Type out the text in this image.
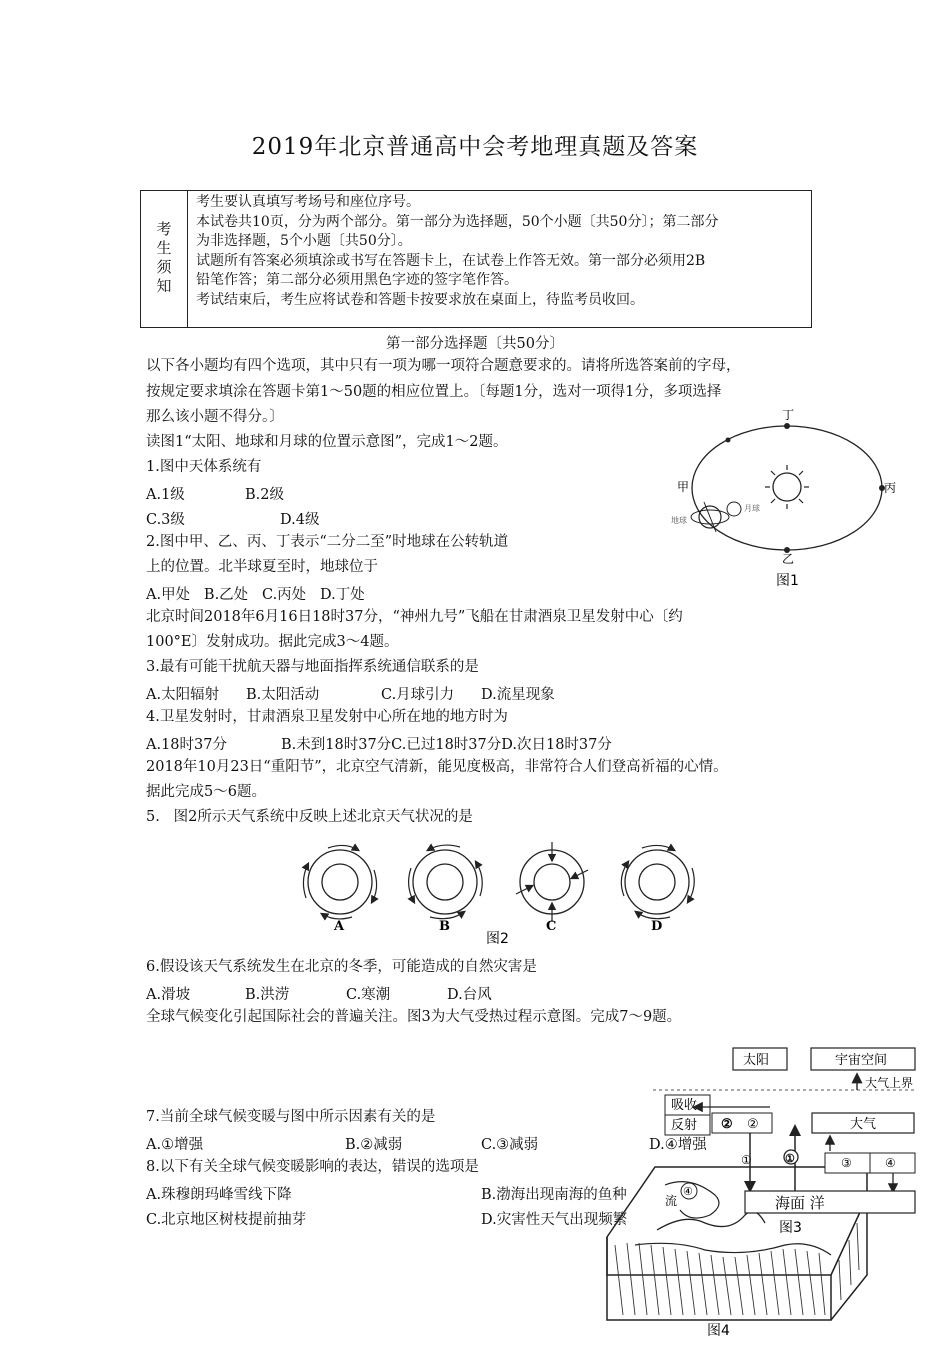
2019年北京普通高中会考地理真题及答案
考生须知
考生要认真填写考场号和座位序号。
本试卷共10页，分为两个部分。第一部分为选择题，50个小题〔共50分〕；第二部分
为非选择题，5个小题〔共50分〕。
试题所有答案必须填涂或书写在答题卡上，在试卷上作答无效。第一部分必须用2B
铅笔作答；第二部分必须用黑色字迹的签字笔作答。
考试结束后，考生应将试卷和答题卡按要求放在桌面上，待监考员收回。
第一部分选择题〔共50分〕
以下各小题均有四个选项，其中只有一项为哪一项符合题意要求的。请将所选答案前的字母，
按规定要求填涂在答题卡第1～50题的相应位置上。〔每题1分，选对一项得1分，多项选择
那么该小题不得分。〕
读图1“太阳、地球和月球的位置示意图”，完成1～2题。
1.图中天体系统有
A.1级	B.2级
C.3级	D.4级
2.图中甲、乙、丙、丁表示“二分二至”时地球在公转轨道
上的位置。北半球夏至时，地球位于
A.甲处   B.乙处   C.丙处   D.丁处
北京时间2018年6月16日18时37分，“神州九号”飞船在甘肃酒泉卫星发射中心〔约
100°E〕发射成功。据此完成3～4题。
3.最有可能干扰航天器与地面指挥系统通信联系的是
A.太阳辐射 B.太阳活动	C.月球引力 D.流星现象
4.卫星发射时，甘肃酒泉卫星发射中心所在地的地方时为
A.18时37分	B.未到18时37分C.已过18时37分D.次日18时37分
2018年10月23日“重阳节”，北京空气清新，能见度极高，非常符合人们登高祈福的心情。
据此完成5～6题。
5.   图2所示天气系统中反映上述北京天气状况的是
6.假设该天气系统发生在北京的冬季，可能造成的自然灾害是
A.滑坡	B.洪涝	C.寒潮	D.台风
全球气候变化引起国际社会的普遍关注。图3为大气受热过程示意图。完成7～9题。
7.当前全球气候变暖与图中所示因素有关的是
A.①增强	B.②减弱	C.③减弱	D.④增强
8.以下有关全球气候变暖影响的表达，错误的选项是
A.珠穆朗玛峰雪线下降	B.渤海出现南海的鱼种
C.北京地区树枝提前抽芽	D.灾害性天气出现频繁
丁
甲	丙
乙
地球
月球
图1
A	B	C	D
图2
太阳	宇宙空间
大气上界
吸收
反射 ② ②	大气
①	①	③	④
海面 洋
④
流
图3
图4
